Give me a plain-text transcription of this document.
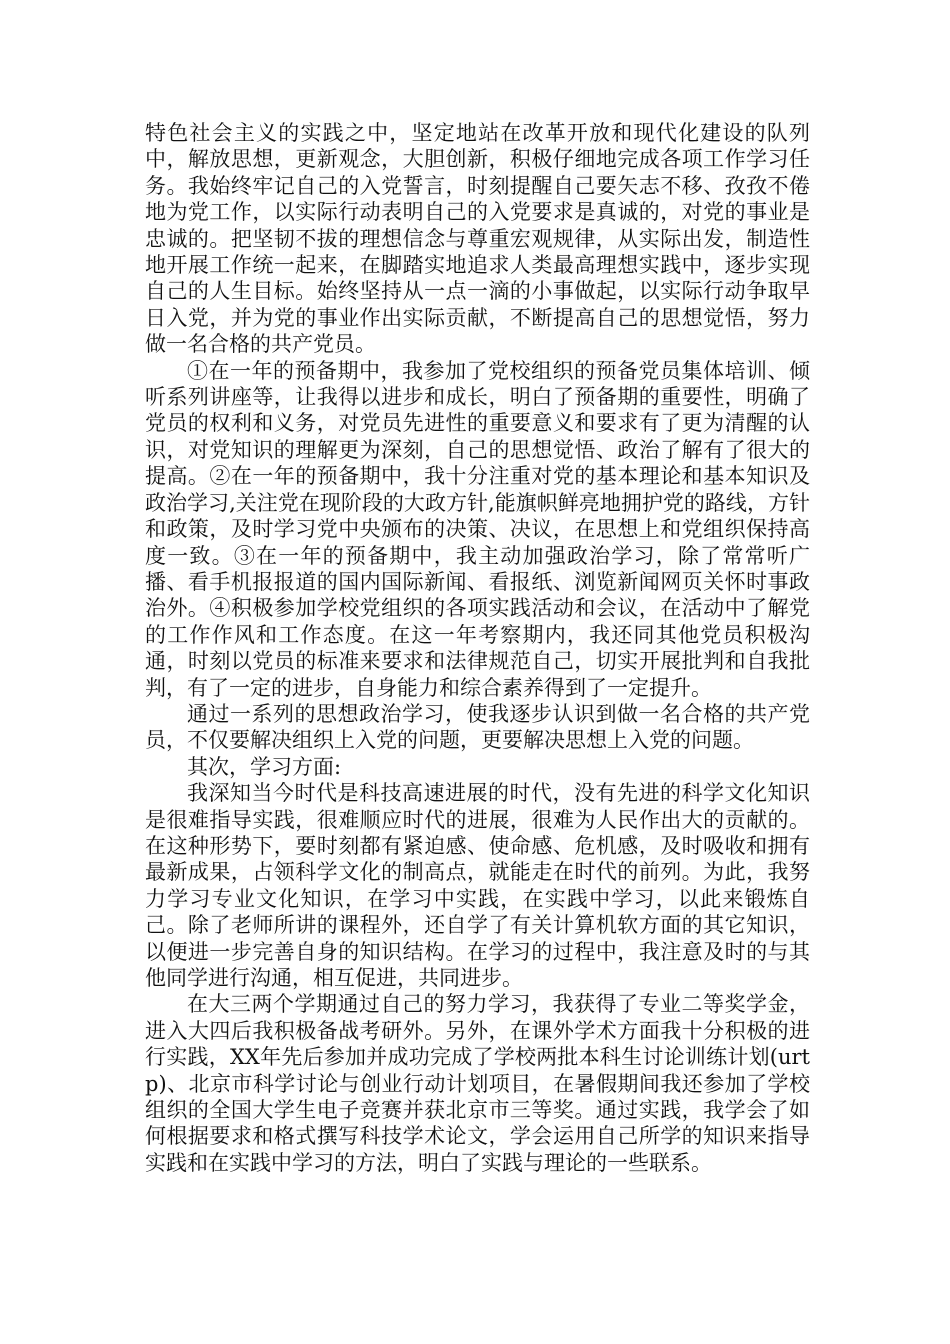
特色社会主义的实践之中，坚定地站在改革开放和现代化建设的队列中，解放思想，更新观念，大胆创新，积极仔细地完成各项工作学习任务。我始终牢记自己的入党誓言，时刻提醒自己要矢志不移、孜孜不倦地为党工作，以实际行动表明自己的入党要求是真诚的，对党的事业是忠诚的。把坚韧不拔的理想信念与尊重宏观规律，从实际出发，制造性地开展工作统一起来，在脚踏实地追求人类最高理想实践中，逐步实现自己的人生目标。始终坚持从一点一滴的小事做起，以实际行动争取早日入党，并为党的事业作出实际贡献，不断提高自己的思想觉悟，努力做一名合格的共产党员。

①在一年的预备期中，我参加了党校组织的预备党员集体培训、倾听系列讲座等，让我得以进步和成长，明白了预备期的重要性，明确了党员的权利和义务，对党员先进性的重要意义和要求有了更为清醒的认识，对党知识的理解更为深刻，自己的思想觉悟、政治了解有了很大的提高。②在一年的预备期中，我十分注重对党的基本理论和基本知识及政治学习,关注党在现阶段的大政方针,能旗帜鲜亮地拥护党的路线，方针和政策，及时学习党中央颁布的决策、决议，在思想上和党组织保持高度一致。③在一年的预备期中，我主动加强政治学习，除了常常听广播、看手机报报道的国内国际新闻、看报纸、浏览新闻网页关怀时事政治外。④积极参加学校党组织的各项实践活动和会议，在活动中了解党的工作作风和工作态度。在这一年考察期内，我还同其他党员积极沟通，时刻以党员的标准来要求和法律规范自己，切实开展批判和自我批判，有了一定的进步，自身能力和综合素养得到了一定提升。

通过一系列的思想政治学习，使我逐步认识到做一名合格的共产党员，不仅要解决组织上入党的问题，更要解决思想上入党的问题。

其次，学习方面:

我深知当今时代是科技高速进展的时代，没有先进的科学文化知识是很难指导实践，很难顺应时代的进展，很难为人民作出大的贡献的。在这种形势下，要时刻都有紧迫感、使命感、危机感，及时吸收和拥有最新成果，占领科学文化的制高点，就能走在时代的前列。为此，我努力学习专业文化知识，在学习中实践，在实践中学习，以此来锻炼自己。除了老师所讲的课程外，还自学了有关计算机软方面的其它知识，以便进一步完善自身的知识结构。在学习的过程中，我注意及时的与其他同学进行沟通，相互促进，共同进步。

在大三两个学期通过自己的努力学习，我获得了专业二等奖学金，进入大四后我积极备战考研外。另外，在课外学术方面我十分积极的进行实践，XX年先后参加并成功完成了学校两批本科生讨论训练计划(urtp)、北京市科学讨论与创业行动计划项目，在暑假期间我还参加了学校组织的全国大学生电子竞赛并获北京市三等奖。通过实践，我学会了如何根据要求和格式撰写科技学术论文，学会运用自己所学的知识来指导实践和在实践中学习的方法，明白了实践与理论的一些联系。
